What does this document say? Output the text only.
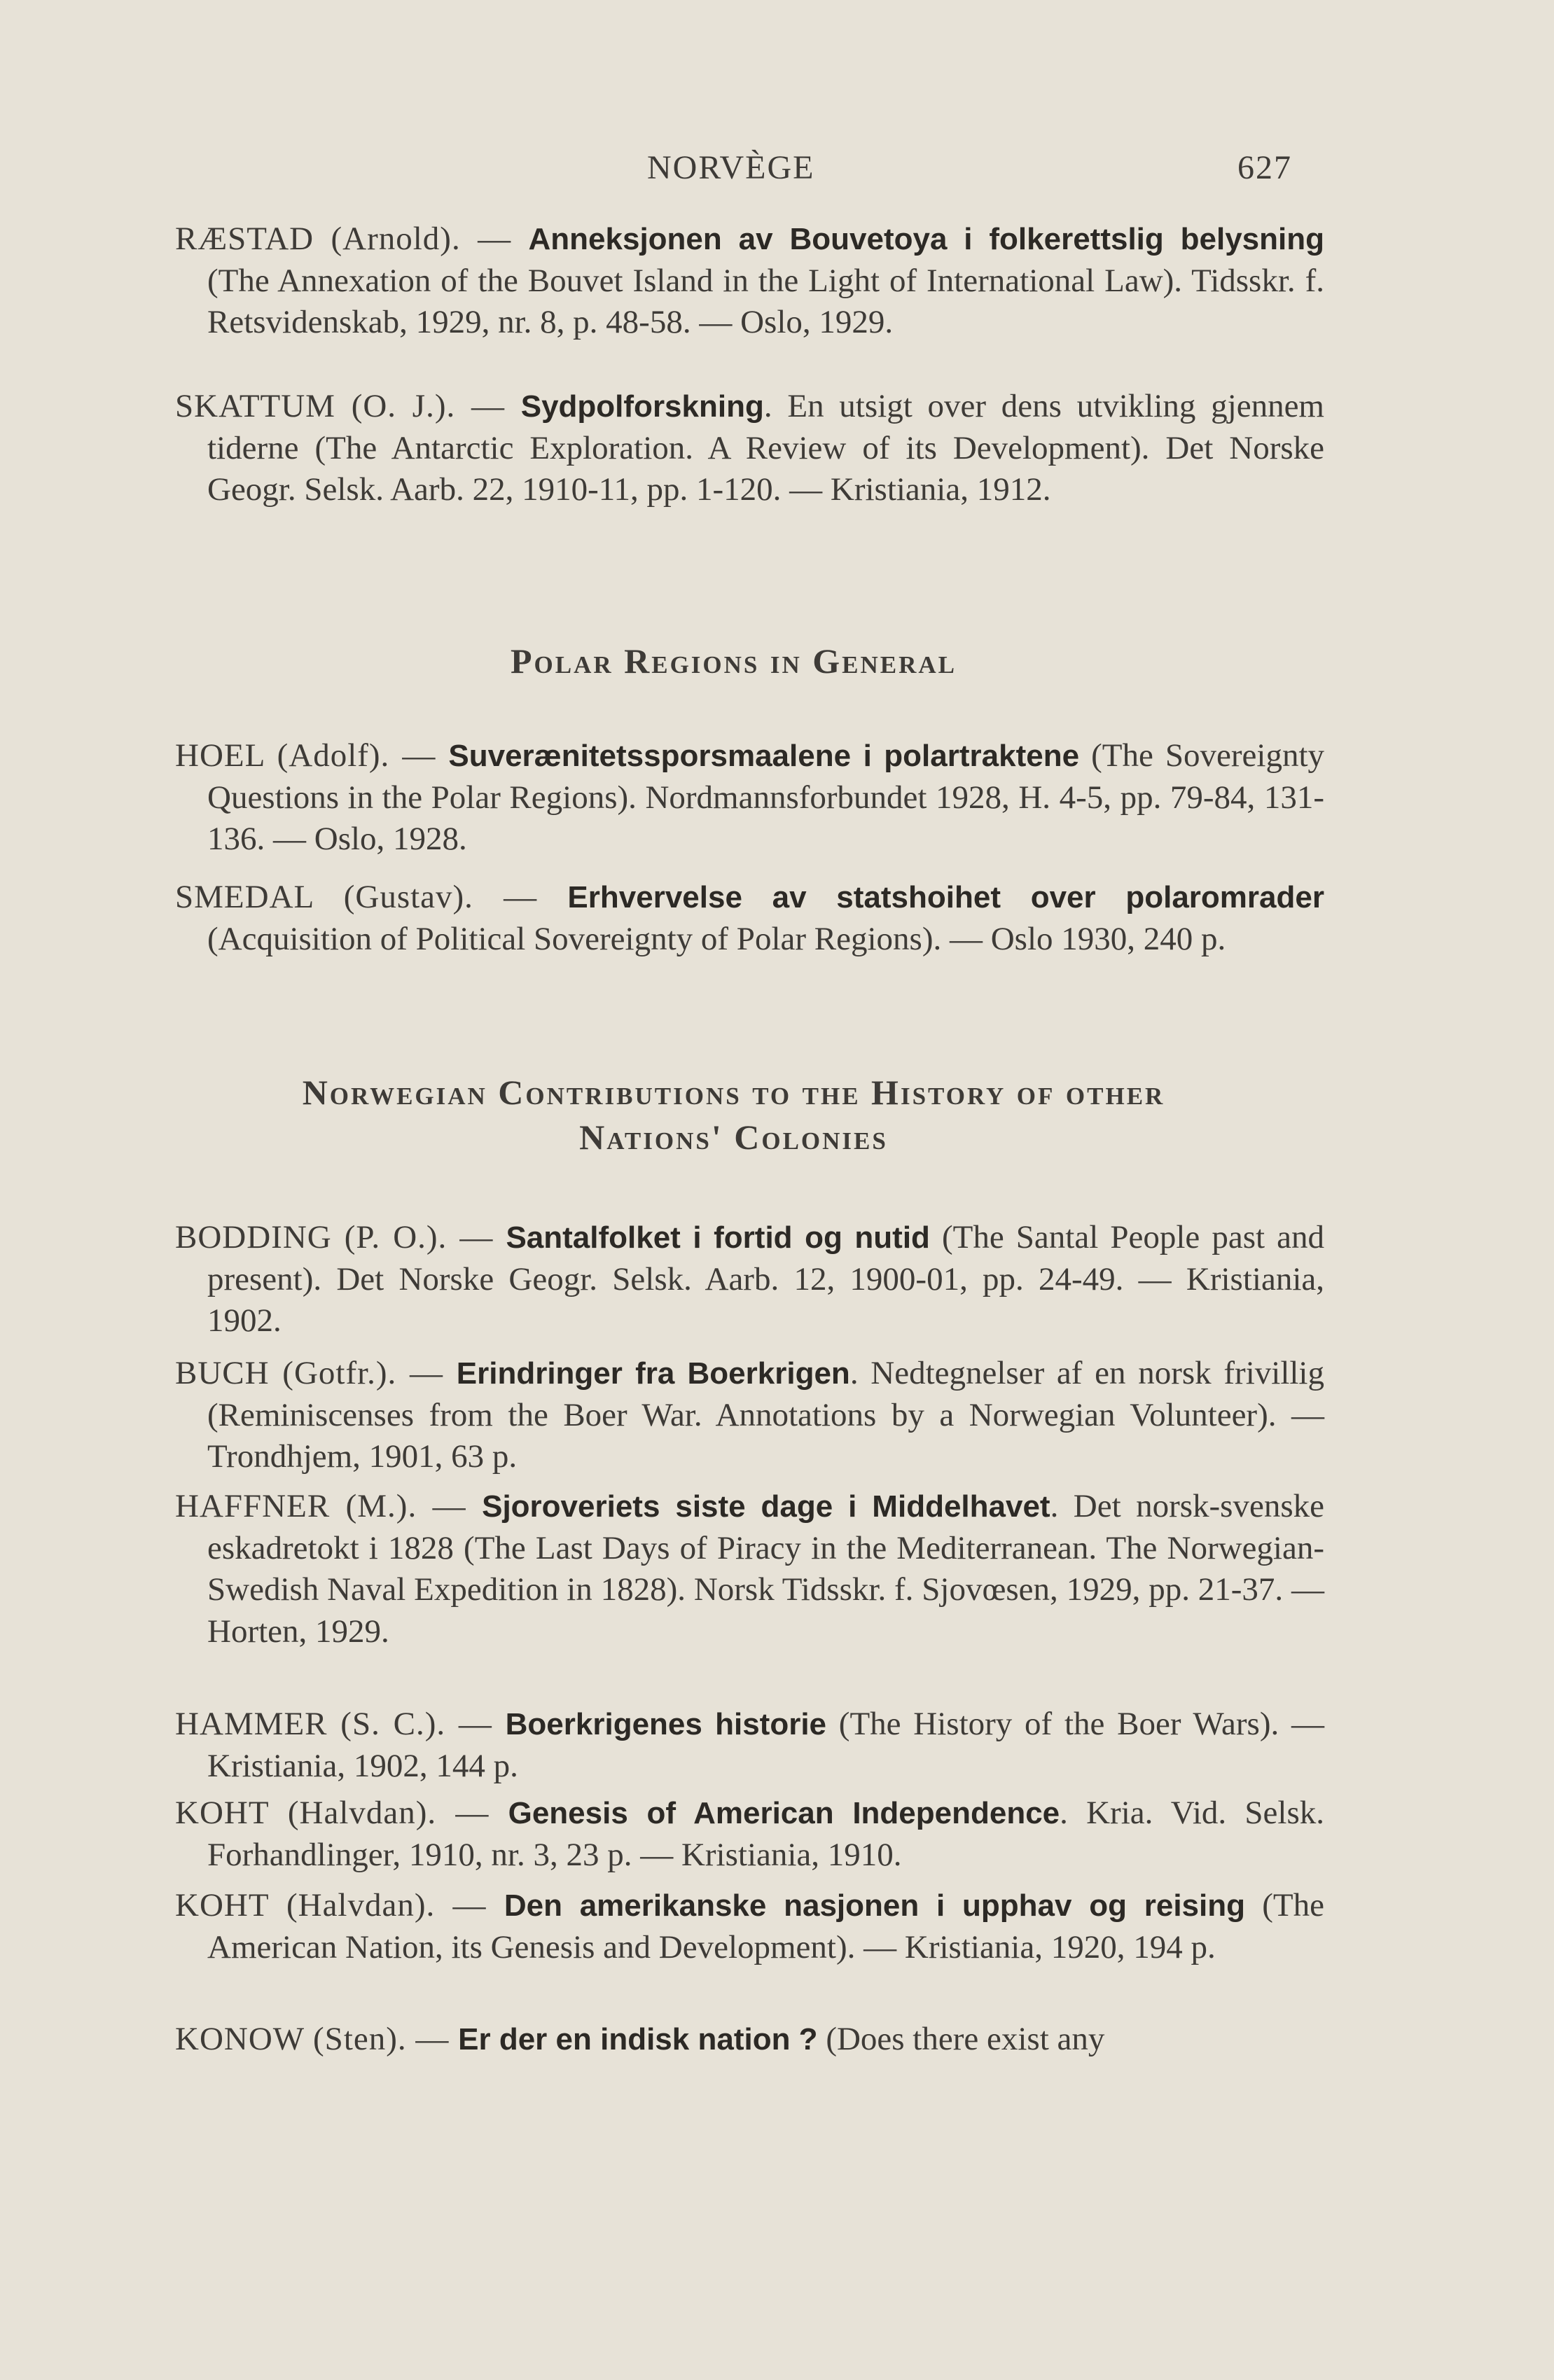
NORVÈGE	627

RÆSTAD (Arnold). — Anneksjonen av Bouvetoya i folkerettslig belysning (The Annexation of the Bouvet Island in the Light of International Law). Tidsskr. f. Retsvidenskab, 1929, nr. 8, p. 48-58. — Oslo, 1929.

SKATTUM (O. J.). — Sydpolforskning. En utsigt over dens utvikling gjennem tiderne (The Antarctic Exploration. A Review of its Development). Det Norske Geogr. Selsk. Aarb. 22, 1910-11, pp. 1-120. — Kristiania, 1912.

Polar Regions in General

HOEL (Adolf). — Suverænitetssporsmaalene i polartraktene (The Sovereignty Questions in the Polar Regions). Nordmannsforbundet 1928, H. 4-5, pp. 79-84, 131-136. — Oslo, 1928.

SMEDAL (Gustav). — Erhvervelse av statshoihet over polaromrader (Acquisition of Political Sovereignty of Polar Regions). — Oslo 1930, 240 p.

Norwegian Contributions to the History of other
Nations' Colonies

BODDING (P. O.). — Santalfolket i fortid og nutid (The Santal People past and present). Det Norske Geogr. Selsk. Aarb. 12, 1900-01, pp. 24-49. — Kristiania, 1902.

BUCH (Gotfr.). — Erindringer fra Boerkrigen. Nedtegnelser af en norsk frivillig (Reminiscenses from the Boer War. Annotations by a Norwegian Volunteer). — Trondhjem, 1901, 63 p.

HAFFNER (M.). — Sjoroveriets siste dage i Middelhavet. Det norsk-svenske eskadretokt i 1828 (The Last Days of Piracy in the Mediterranean. The Norwegian-Swedish Naval Expedition in 1828). Norsk Tidsskr. f. Sjovœsen, 1929, pp. 21-37. — Horten, 1929.

HAMMER (S. C.). — Boerkrigenes historie (The History of the Boer Wars). — Kristiania, 1902, 144 p.

KOHT (Halvdan). — Genesis of American Independence. Kria. Vid. Selsk. Forhandlinger, 1910, nr. 3, 23 p. — Kristiania, 1910.

KOHT (Halvdan). — Den amerikanske nasjonen i upphav og reising (The American Nation, its Genesis and Development). — Kristiania, 1920, 194 p.

KONOW (Sten). — Er der en indisk nation ? (Does there exist any
